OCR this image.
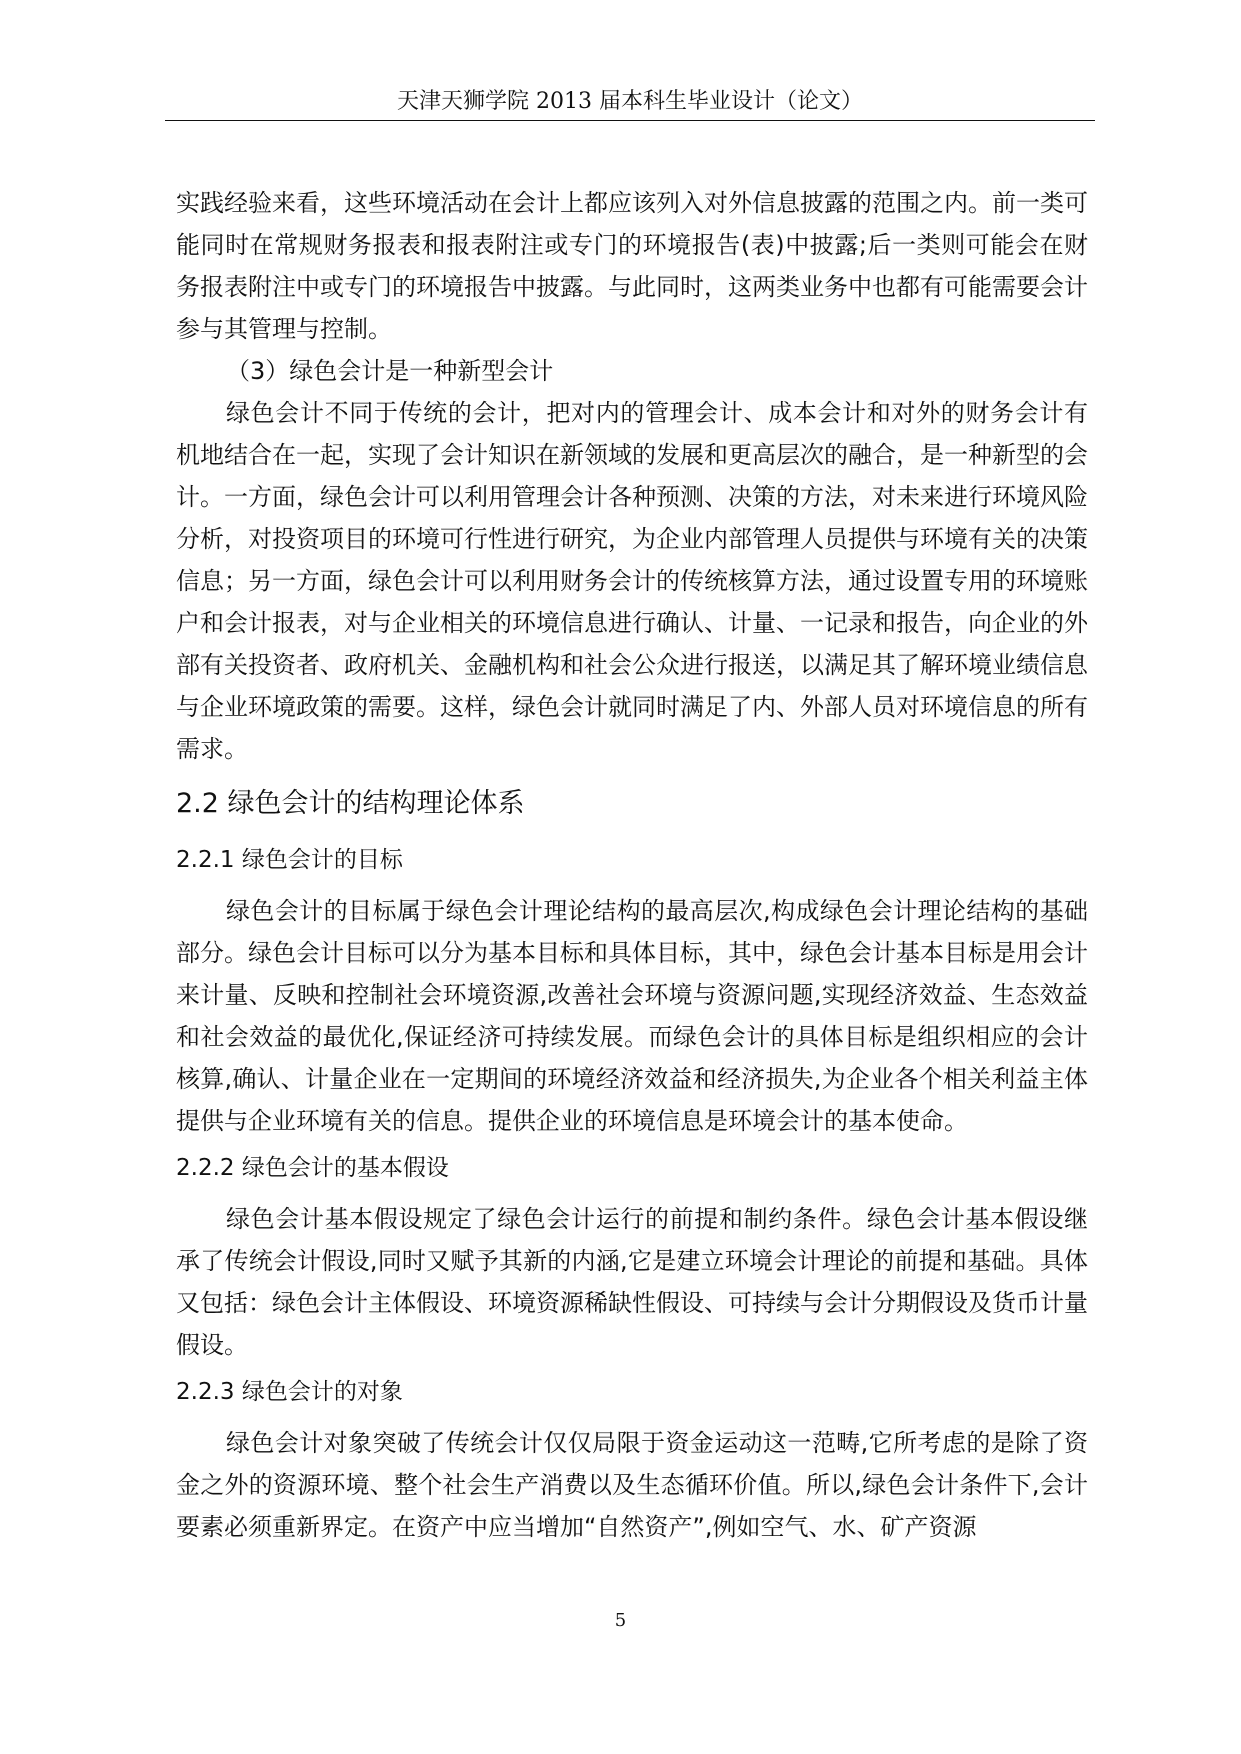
天津天狮学院 2013 届本科生毕业设计（论文）

实践经验来看，这些环境活动在会计上都应该列入对外信息披露的范围之内。前一类可能同时在常规财务报表和报表附注或专门的环境报告(表)中披露;后一类则可能会在财务报表附注中或专门的环境报告中披露。与此同时，这两类业务中也都有可能需要会计参与其管理与控制。

（3）绿色会计是一种新型会计

绿色会计不同于传统的会计，把对内的管理会计、成本会计和对外的财务会计有机地结合在一起，实现了会计知识在新领域的发展和更高层次的融合，是一种新型的会计。一方面，绿色会计可以利用管理会计各种预测、决策的方法，对未来进行环境风险分析，对投资项目的环境可行性进行研究，为企业内部管理人员提供与环境有关的决策信息；另一方面，绿色会计可以利用财务会计的传统核算方法，通过设置专用的环境账户和会计报表，对与企业相关的环境信息进行确认、计量、一记录和报告，向企业的外部有关投资者、政府机关、金融机构和社会公众进行报送，以满足其了解环境业绩信息与企业环境政策的需要。这样，绿色会计就同时满足了内、外部人员对环境信息的所有需求。

2.2 绿色会计的结构理论体系
2.2.1 绿色会计的目标

绿色会计的目标属于绿色会计理论结构的最高层次,构成绿色会计理论结构的基础部分。绿色会计目标可以分为基本目标和具体目标，其中，绿色会计基本目标是用会计来计量、反映和控制社会环境资源,改善社会环境与资源问题,实现经济效益、生态效益和社会效益的最优化,保证经济可持续发展。而绿色会计的具体目标是组织相应的会计核算,确认、计量企业在一定期间的环境经济效益和经济损失,为企业各个相关利益主体提供与企业环境有关的信息。提供企业的环境信息是环境会计的基本使命。

2.2.2 绿色会计的基本假设

绿色会计基本假设规定了绿色会计运行的前提和制约条件。绿色会计基本假设继承了传统会计假设,同时又赋予其新的内涵,它是建立环境会计理论的前提和基础。具体又包括：绿色会计主体假设、环境资源稀缺性假设、可持续与会计分期假设及货币计量假设。

2.2.3 绿色会计的对象

绿色会计对象突破了传统会计仅仅局限于资金运动这一范畴,它所考虑的是除了资金之外的资源环境、整个社会生产消费以及生态循环价值。所以,绿色会计条件下,会计要素必须重新界定。在资产中应当增加“自然资产”,例如空气、水、矿产资源

5
